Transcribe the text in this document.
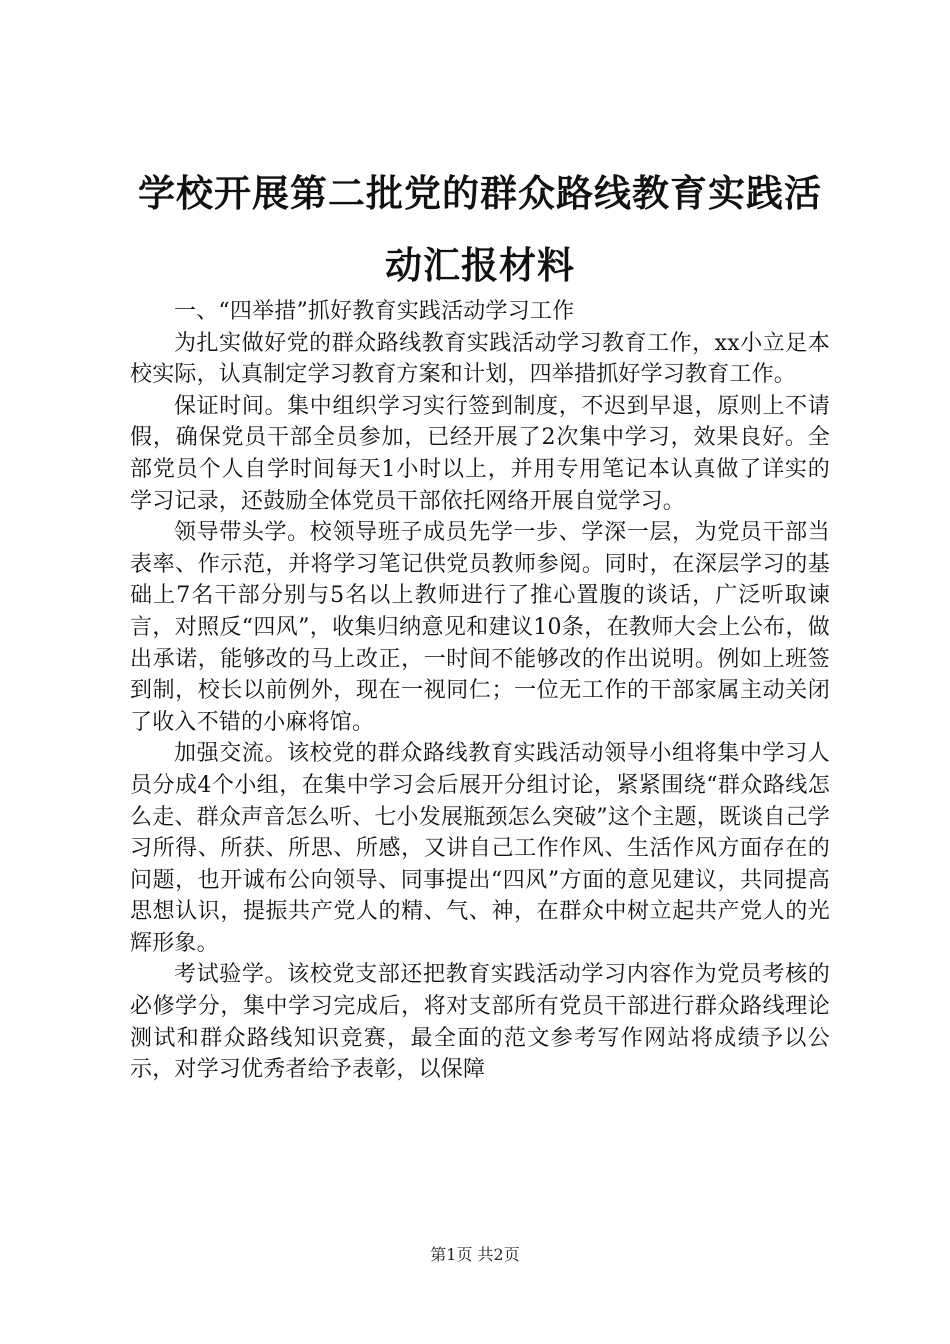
学校开展第二批党的群众路线教育实践活动汇报材料

一、“四举措”抓好教育实践活动学习工作

为扎实做好党的群众路线教育实践活动学习教育工作，xx小立足本校实际，认真制定学习教育方案和计划，四举措抓好学习教育工作。

保证时间。集中组织学习实行签到制度，不迟到早退，原则上不请假，确保党员干部全员参加，已经开展了2次集中学习，效果良好。全部党员个人自学时间每天1小时以上，并用专用笔记本认真做了详实的学习记录，还鼓励全体党员干部依托网络开展自觉学习。

领导带头学。校领导班子成员先学一步、学深一层，为党员干部当表率、作示范，并将学习笔记供党员教师参阅。同时，在深层学习的基础上7名干部分别与5名以上教师进行了推心置腹的谈话，广泛听取谏言，对照反“四风”，收集归纳意见和建议10条，在教师大会上公布，做出承诺，能够改的马上改正，一时间不能够改的作出说明。例如上班签到制，校长以前例外，现在一视同仁；一位无工作的干部家属主动关闭了收入不错的小麻将馆。

加强交流。该校党的群众路线教育实践活动领导小组将集中学习人员分成4个小组，在集中学习会后展开分组讨论，紧紧围绕“群众路线怎么走、群众声音怎么听、七小发展瓶颈怎么突破”这个主题，既谈自己学习所得、所获、所思、所感，又讲自己工作作风、生活作风方面存在的问题，也开诚布公向领导、同事提出“四风”方面的意见建议，共同提高思想认识，提振共产党人的精、气、神，在群众中树立起共产党人的光辉形象。

考试验学。该校党支部还把教育实践活动学习内容作为党员考核的必修学分，集中学习完成后，将对支部所有党员干部进行群众路线理论测试和群众路线知识竞赛，最全面的范文参考写作网站将成绩予以公示，对学习优秀者给予表彰，以保障

第1页 共2页
